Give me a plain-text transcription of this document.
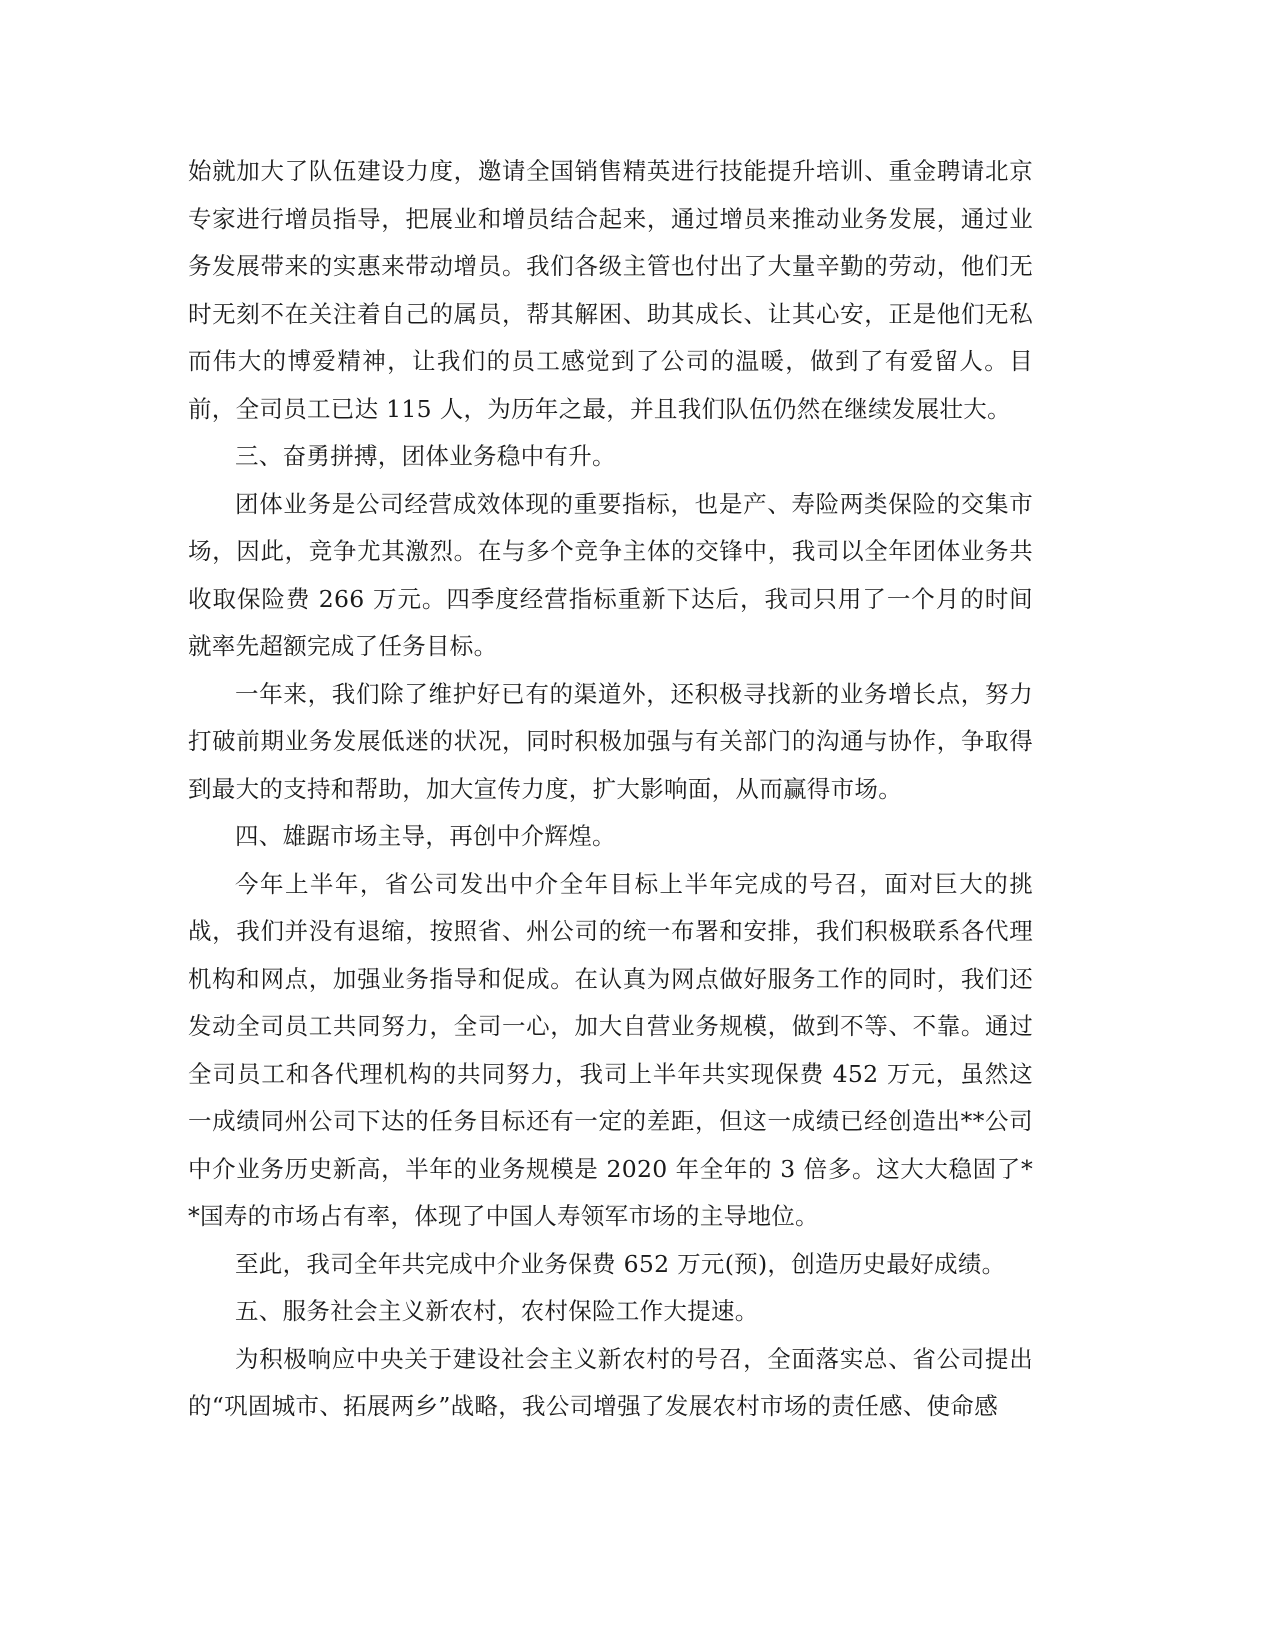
始就加大了队伍建设力度，邀请全国销售精英进行技能提升培训、重金聘请北京专家进行增员指导，把展业和增员结合起来，通过增员来推动业务发展，通过业务发展带来的实惠来带动增员。我们各级主管也付出了大量辛勤的劳动，他们无时无刻不在关注着自己的属员，帮其解困、助其成长、让其心安，正是他们无私而伟大的博爱精神，让我们的员工感觉到了公司的温暖，做到了有爱留人。目前，全司员工已达 115 人，为历年之最，并且我们队伍仍然在继续发展壮大。

三、奋勇拼搏，团体业务稳中有升。

团体业务是公司经营成效体现的重要指标，也是产、寿险两类保险的交集市场，因此，竞争尤其激烈。在与多个竞争主体的交锋中，我司以全年团体业务共收取保险费 266 万元。四季度经营指标重新下达后，我司只用了一个月的时间就率先超额完成了任务目标。

一年来，我们除了维护好已有的渠道外，还积极寻找新的业务增长点，努力打破前期业务发展低迷的状况，同时积极加强与有关部门的沟通与协作，争取得到最大的支持和帮助，加大宣传力度，扩大影响面，从而赢得市场。

四、雄踞市场主导，再创中介辉煌。

今年上半年，省公司发出中介全年目标上半年完成的号召，面对巨大的挑战，我们并没有退缩，按照省、州公司的统一布署和安排，我们积极联系各代理机构和网点，加强业务指导和促成。在认真为网点做好服务工作的同时，我们还发动全司员工共同努力，全司一心，加大自营业务规模，做到不等、不靠。通过全司员工和各代理机构的共同努力，我司上半年共实现保费 452 万元，虽然这一成绩同州公司下达的任务目标还有一定的差距，但这一成绩已经创造出**公司中介业务历史新高，半年的业务规模是 2020 年全年的 3 倍多。这大大稳固了**国寿的市场占有率，体现了中国人寿领军市场的主导地位。

至此，我司全年共完成中介业务保费 652 万元(预)，创造历史最好成绩。

五、服务社会主义新农村，农村保险工作大提速。

为积极响应中央关于建设社会主义新农村的号召，全面落实总、省公司提出的“巩固城市、拓展两乡”战略，我公司增强了发展农村市场的责任感、使命感
